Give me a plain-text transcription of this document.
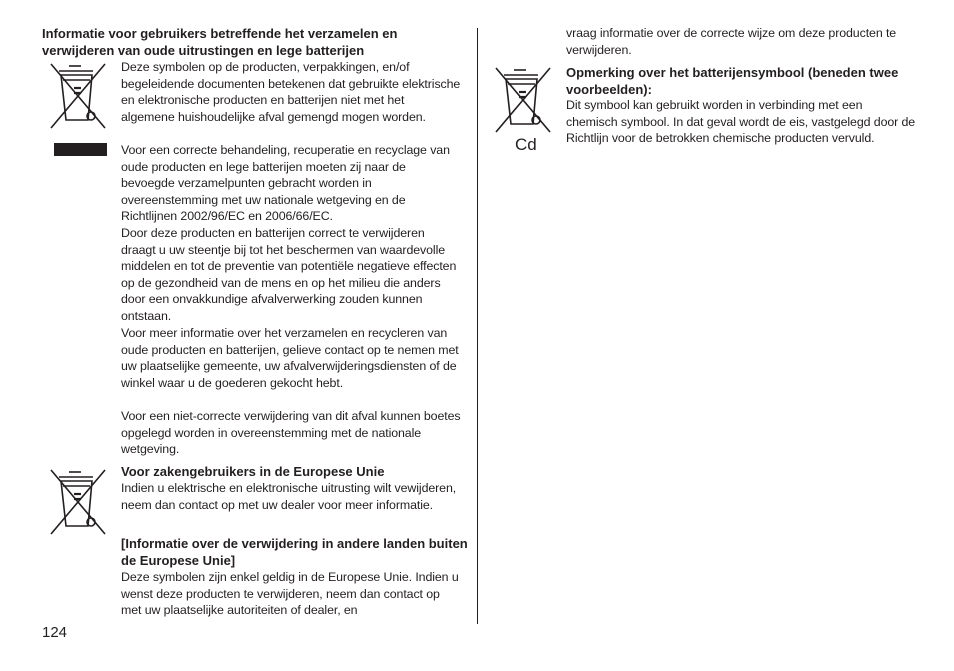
Informatie voor gebruikers betreffende het verzamelen en verwijderen van oude uitrustingen en lege batterijen

Deze symbolen op de producten, verpakkingen, en/of begeleidende documenten betekenen dat gebruikte elektrische en elektronische producten en batterijen niet met het algemene huishoudelijke afval gemengd mogen worden.

Voor een correcte behandeling, recuperatie en recyclage van oude producten en lege batterijen moeten zij naar de bevoegde verzamelpunten gebracht worden in overeenstemming met uw nationale wetgeving en de Richtlijnen 2002/96/EC en 2006/66/EC.

Door deze producten en batterijen correct te verwijderen draagt u uw steentje bij tot het beschermen van waardevolle middelen en tot de preventie van potentiële negatieve effecten op de gezondheid van de mens en op het milieu die anders door een onvakkundige afvalverwerking zouden kunnen ontstaan.

Voor meer informatie over het verzamelen en recycleren van oude producten en batterijen, gelieve contact op te nemen met uw plaatselijke gemeente, uw afvalverwijderingsdiensten of de winkel waar u de goederen gekocht hebt.

Voor een niet-correcte verwijdering van dit afval kunnen boetes opgelegd worden in overeenstemming met de nationale wetgeving.

Voor zakengebruikers in de Europese Unie

Indien u elektrische en elektronische uitrusting wilt vewijderen, neem dan contact op met uw dealer voor meer informatie.

[Informatie over de verwijdering in andere landen buiten de Europese Unie]

Deze symbolen zijn enkel geldig in de Europese Unie. Indien u wenst deze producten te verwijderen, neem dan contact op met uw plaatselijke autoriteiten of dealer, en

124

vraag informatie over de correcte wijze om deze producten te verwijderen.

Cd
Opmerking over het batterijensymbool (beneden twee voorbeelden):

Dit symbool kan gebruikt worden in verbinding met een chemisch symbool. In dat geval wordt de eis, vastgelegd door de Richtlijn voor de betrokken chemische producten vervuld.
